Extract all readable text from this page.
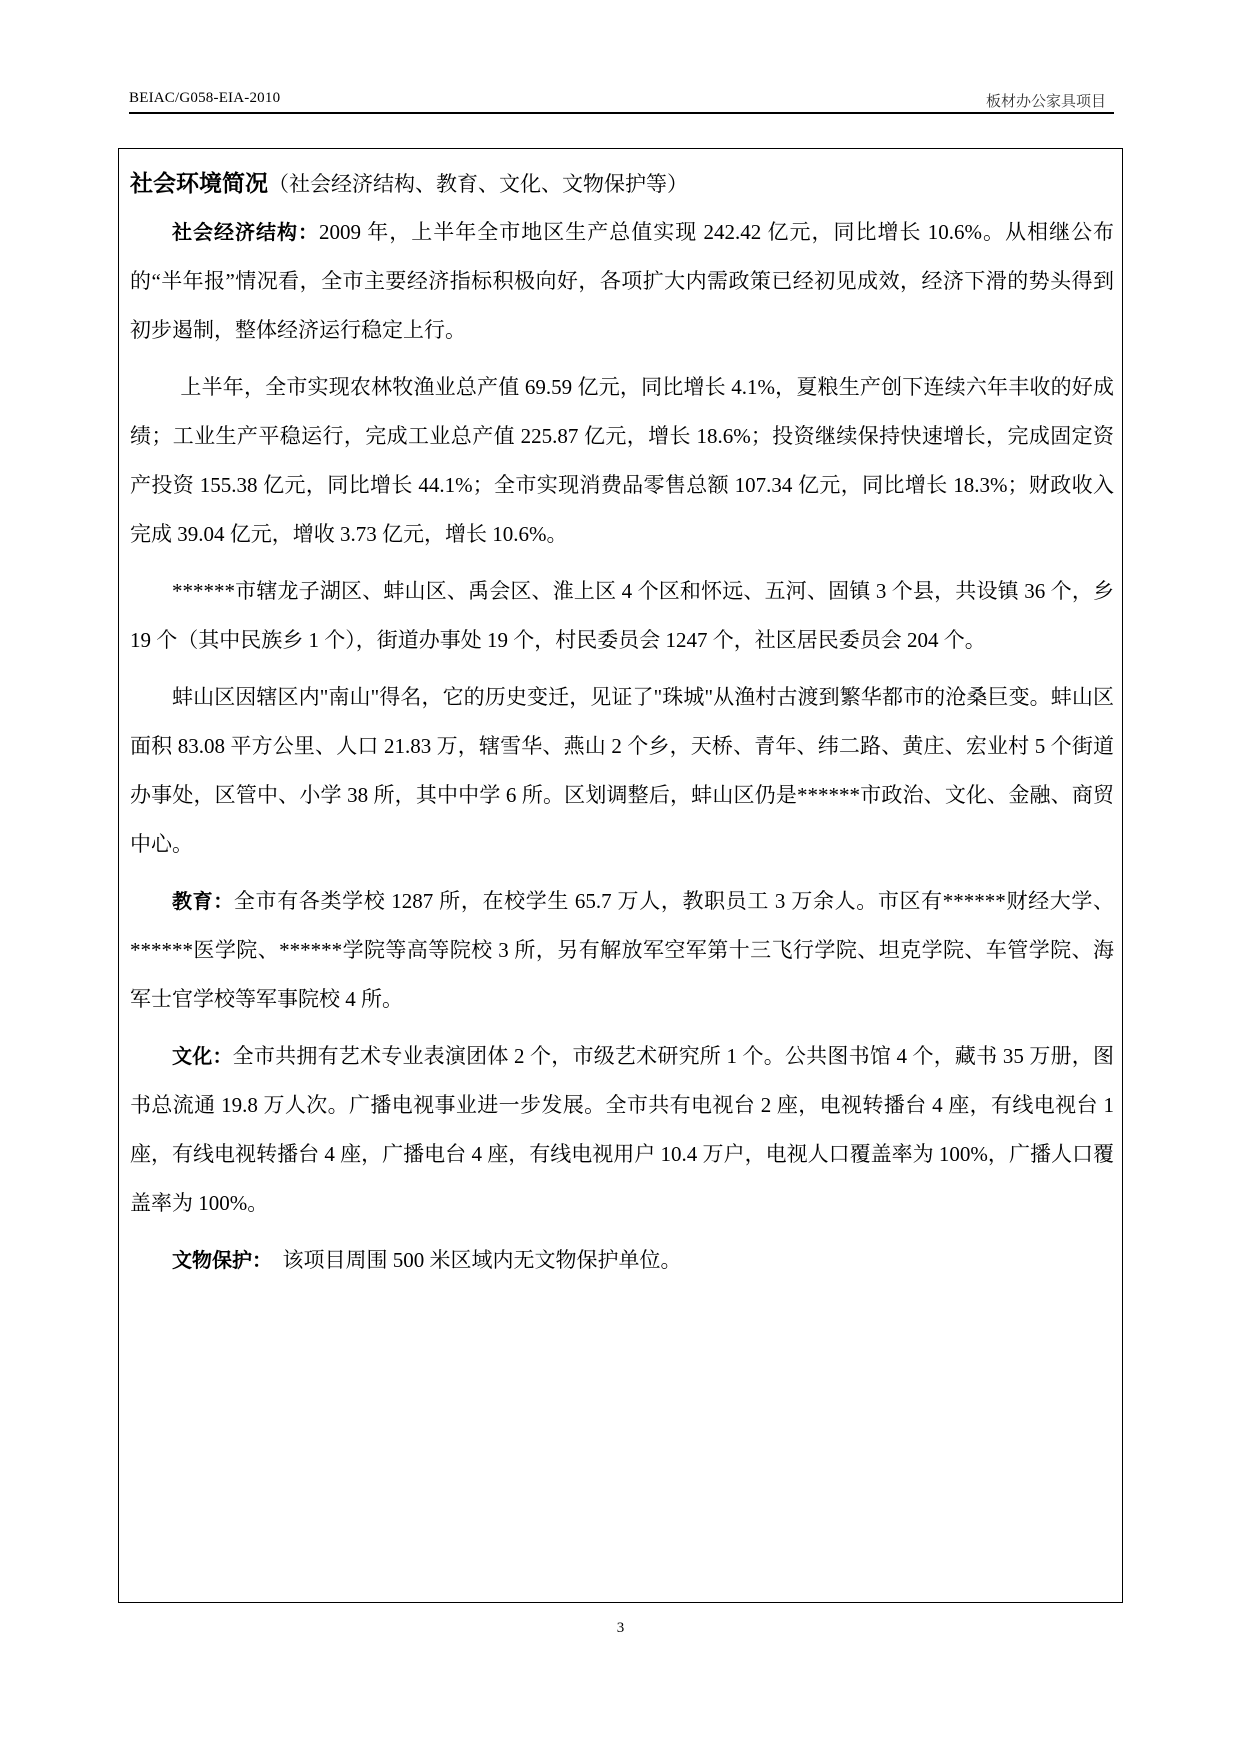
BEIAC/G058-EIA-2010	板材办公家具项目
社会环境简况（社会经济结构、教育、文化、文物保护等）

社会经济结构：2009 年，上半年全市地区生产总值实现 242.42 亿元，同比增长 10.6%。从相继公布的“半年报”情况看，全市主要经济指标积极向好，各项扩大内需政策已经初见成效，经济下滑的势头得到初步遏制，整体经济运行稳定上行。

上半年，全市实现农林牧渔业总产值 69.59 亿元，同比增长 4.1%，夏粮生产创下连续六年丰收的好成绩；工业生产平稳运行，完成工业总产值 225.87 亿元，增长 18.6%；投资继续保持快速增长，完成固定资产投资 155.38 亿元，同比增长 44.1%；全市实现消费品零售总额 107.34 亿元，同比增长 18.3%；财政收入完成 39.04 亿元，增收 3.73 亿元，增长 10.6%。

******市辖龙子湖区、蚌山区、禹会区、淮上区 4 个区和怀远、五河、固镇 3 个县，共设镇 36 个，乡 19 个（其中民族乡 1 个），街道办事处 19 个，村民委员会 1247 个，社区居民委员会 204 个。

蚌山区因辖区内"南山"得名，它的历史变迁，见证了"珠城"从渔村古渡到繁华都市的沧桑巨变。蚌山区面积 83.08 平方公里、人口 21.83 万，辖雪华、燕山 2 个乡，天桥、青年、纬二路、黄庄、宏业村 5 个街道办事处，区管中、小学 38 所，其中中学 6 所。区划调整后，蚌山区仍是******市政治、文化、金融、商贸中心。

教育：全市有各类学校 1287 所，在校学生 65.7 万人，教职员工 3 万余人。市区有******财经大学、******医学院、******学院等高等院校 3 所，另有解放军空军第十三飞行学院、坦克学院、车管学院、海军士官学校等军事院校 4 所。

文化：全市共拥有艺术专业表演团体 2 个，市级艺术研究所 1 个。公共图书馆 4 个，藏书 35 万册，图书总流通 19.8 万人次。广播电视事业进一步发展。全市共有电视台 2 座，电视转播台 4 座，有线电视台 1 座，有线电视转播台 4 座，广播电台 4 座，有线电视用户 10.4 万户，电视人口覆盖率为 100%，广播人口覆盖率为 100%。

文物保护：  该项目周围 500 米区域内无文物保护单位。

3
